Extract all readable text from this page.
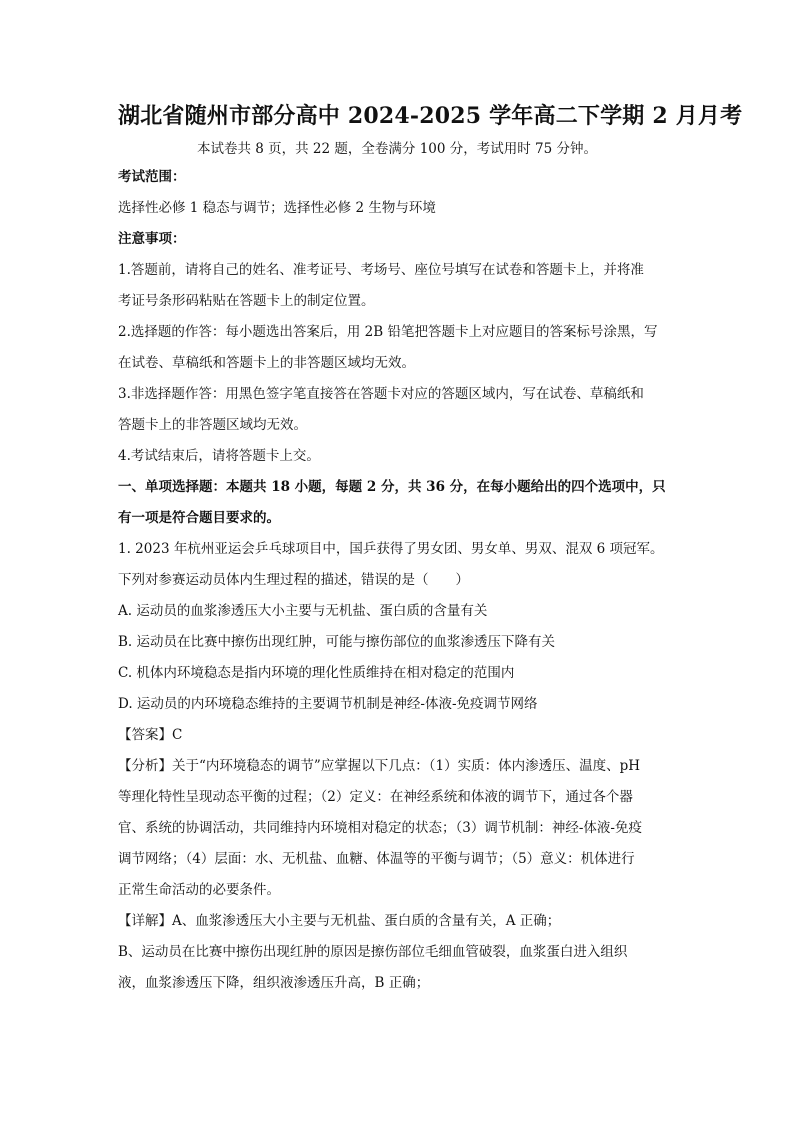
湖北省随州市部分高中 2024-2025 学年高二下学期 2 月月考
本试卷共 8 页，共 22 题，全卷满分 100 分，考试用时 75 分钟。
考试范围：
选择性必修 1 稳态与调节；选择性必修 2 生物与环境
注意事项：
1.答题前，请将自己的姓名、准考证号、考场号、座位号填写在试卷和答题卡上，并将准
考证号条形码粘贴在答题卡上的制定位置。
2.选择题的作答：每小题选出答案后，用 2B 铅笔把答题卡上对应题目的答案标号涂黑，写
在试卷、草稿纸和答题卡上的非答题区域均无效。
3.非选择题作答：用黑色签字笔直接答在答题卡对应的答题区域内，写在试卷、草稿纸和
答题卡上的非答题区域均无效。
4.考试结束后，请将答题卡上交。
一、单项选择题：本题共 18 小题，每题 2 分，共 36 分，在每小题给出的四个选项中，只
有一项是符合题目要求的。
1. 2023 年杭州亚运会乒乓球项目中，国乒获得了男女团、男女单、男双、混双 6 项冠军。
下列对参赛运动员体内生理过程的描述，错误的是（　　）
A. 运动员的血浆渗透压大小主要与无机盐、蛋白质的含量有关
B. 运动员在比赛中擦伤出现红肿，可能与擦伤部位的血浆渗透压下降有关
C. 机体内环境稳态是指内环境的理化性质维持在相对稳定的范围内
D. 运动员的内环境稳态维持的主要调节机制是神经-体液-免疫调节网络
【答案】C
【分析】关于“内环境稳态的调节”应掌握以下几点：（1）实质：体内渗透压、温度、pH
等理化特性呈现动态平衡的过程；（2）定义：在神经系统和体液的调节下，通过各个器
官、系统的协调活动，共同维持内环境相对稳定的状态；（3）调节机制：神经-体液-免疫
调节网络；（4）层面：水、无机盐、血糖、体温等的平衡与调节；（5）意义：机体进行
正常生命活动的必要条件。
【详解】A、血浆渗透压大小主要与无机盐、蛋白质的含量有关，A 正确；
B、运动员在比赛中擦伤出现红肿的原因是擦伤部位毛细血管破裂，血浆蛋白进入组织
液，血浆渗透压下降，组织液渗透压升高，B 正确；
